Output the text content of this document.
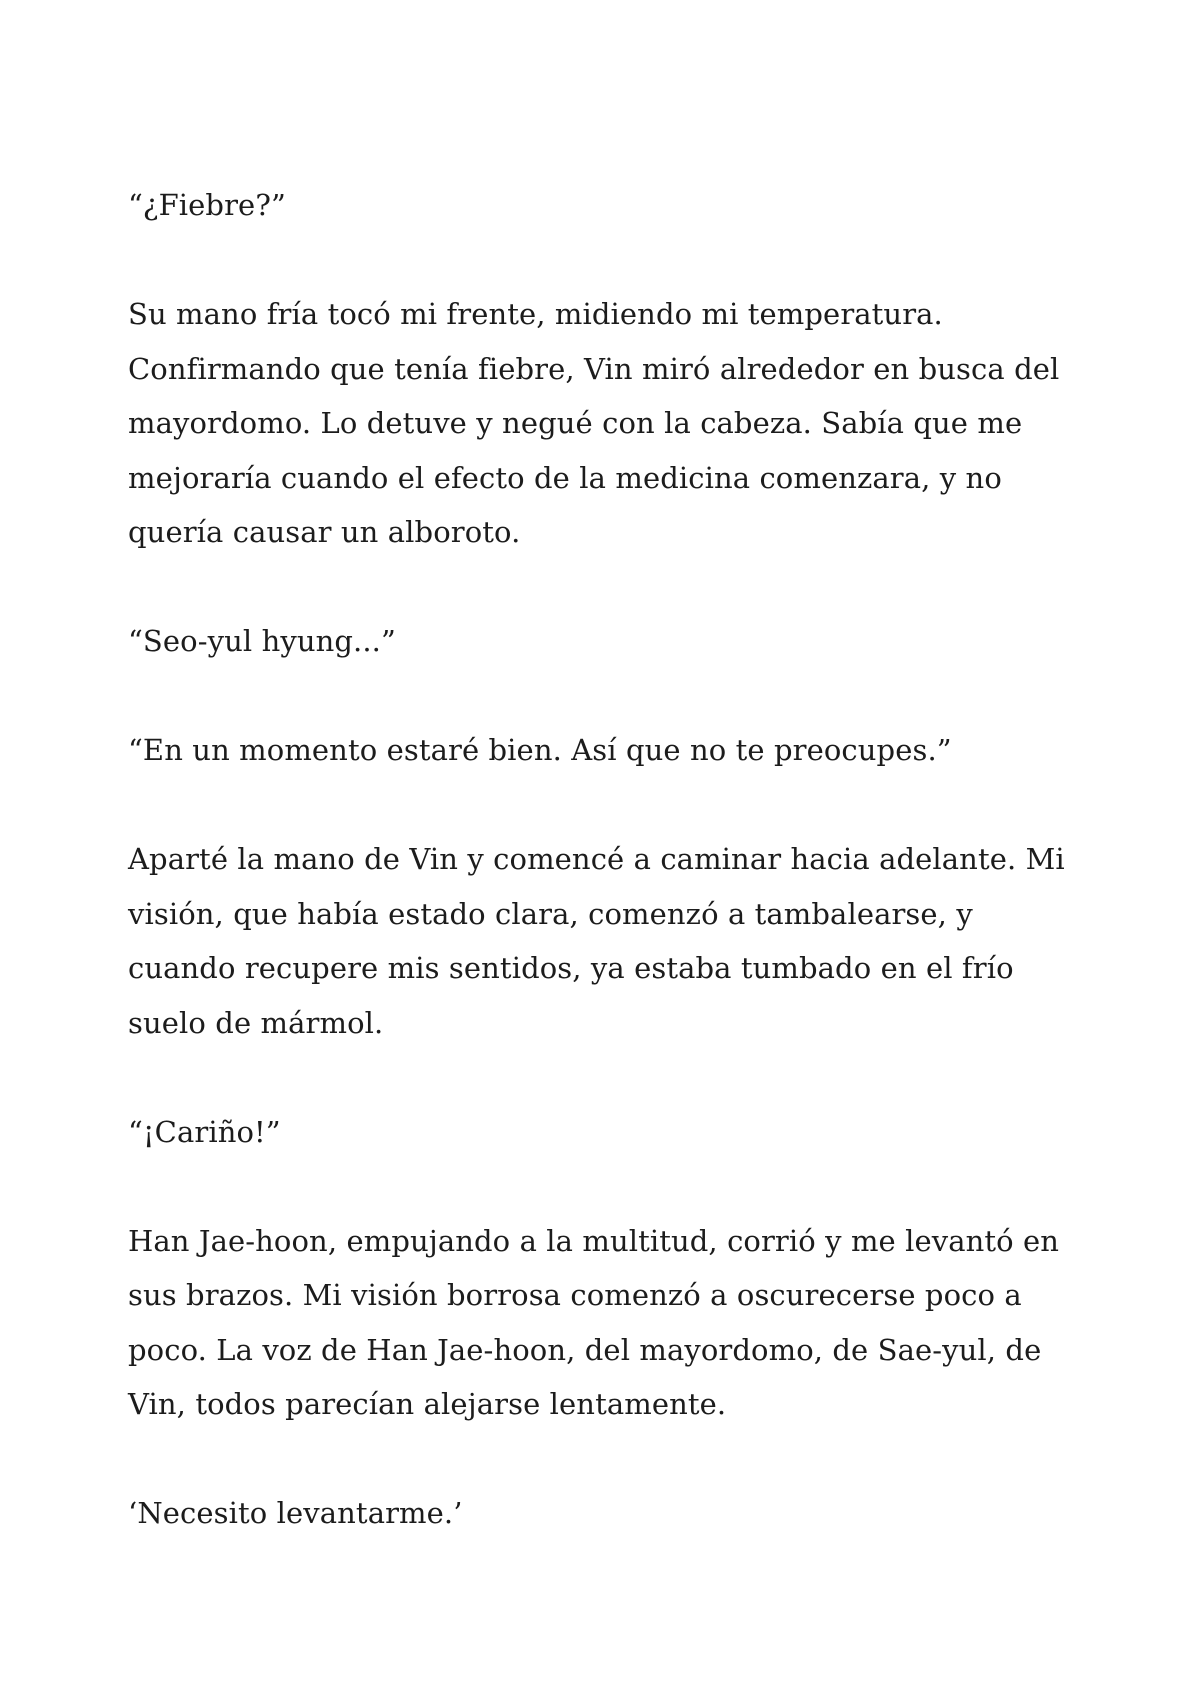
“¿Fiebre?”

Su mano fría tocó mi frente, midiendo mi temperatura. Confirmando que tenía fiebre, Vin miró alrededor en busca del mayordomo. Lo detuve y negué con la cabeza. Sabía que me mejoraría cuando el efecto de la medicina comenzara, y no quería causar un alboroto.

“Seo-yul hyung...”

“En un momento estaré bien. Así que no te preocupes.”

Aparté la mano de Vin y comencé a caminar hacia adelante. Mi visión, que había estado clara, comenzó a tambalearse, y cuando recupere mis sentidos, ya estaba tumbado en el frío suelo de mármol.

“¡Cariño!”

Han Jae-hoon, empujando a la multitud, corrió y me levantó en sus brazos. Mi visión borrosa comenzó a oscurecerse poco a poco. La voz de Han Jae-hoon, del mayordomo, de Sae-yul, de Vin, todos parecían alejarse lentamente.

‘Necesito levantarme.’
